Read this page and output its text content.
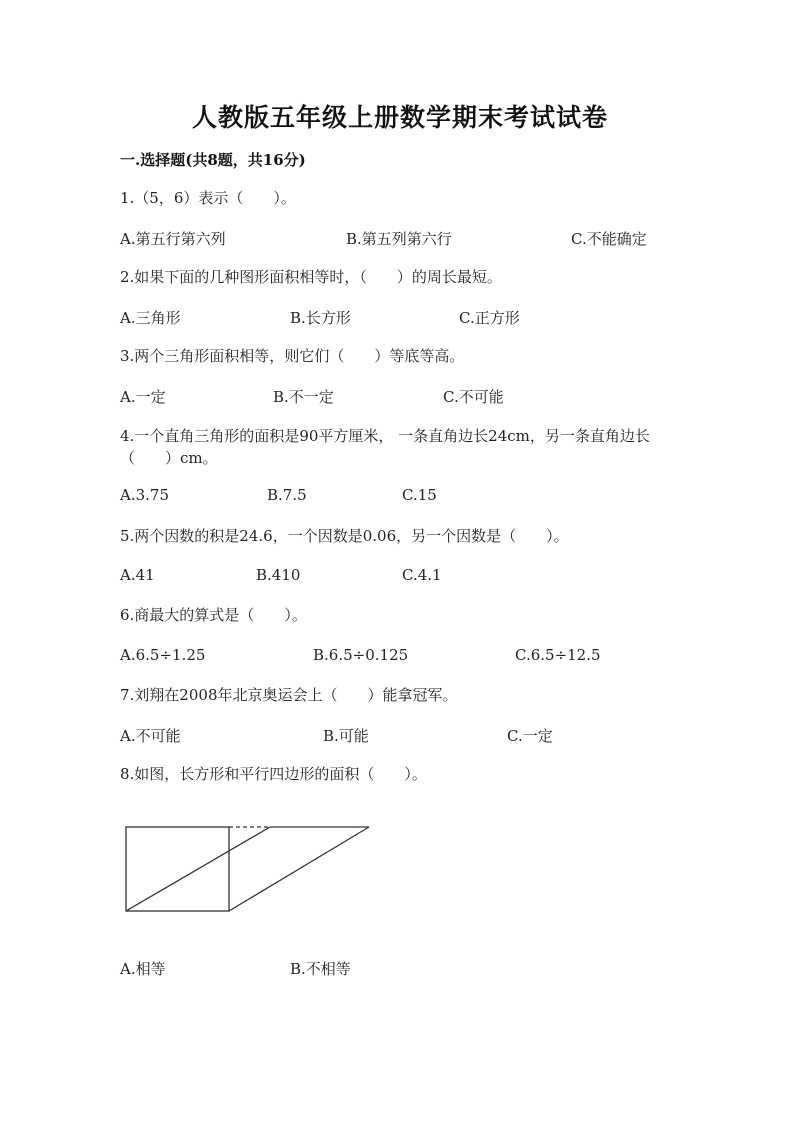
人教版五年级上册数学期末考试试卷
一.选择题(共8题，共16分)
1.（5，6）表示（　　）。
A.第五行第六列	B.第五列第六行	C.不能确定
2.如果下面的几种图形面积相等时，（　　）的周长最短。
A.三角形	B.长方形	C.正方形
3.两个三角形面积相等，则它们（　　）等底等高。
A.一定	B.不一定	C.不可能
4.一个直角三角形的面积是90平方厘米， 一条直角边长24cm，另一条直角边长（　　）cm。
A.3.75	B.7.5	C.15
5.两个因数的积是24.6，一个因数是0.06，另一个因数是（　　）。
A.41	B.410	C.4.1
6.商最大的算式是（　　）。
A.6.5÷1.25	B.6.5÷0.125	C.6.5÷12.5
7.刘翔在2008年北京奥运会上（　　）能拿冠军。
A.不可能	B.可能	C.一定
8.如图，长方形和平行四边形的面积（　　）。
A.相等	B.不相等
